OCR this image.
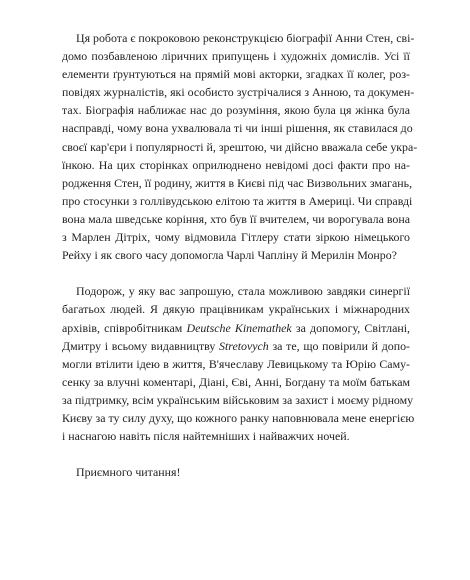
Ця робота є покроковою реконструкцією біографії Анни Стен, сві-
домо позбавленою ліричних припущень і художніх домислів. Усі її
елементи ґрунтуються на прямій мові акторки, згадках її колег, роз-
повідях журналістів, які особисто зустрічалися з Анною, та докумен-
тах. Біографія наближає нас до розуміння, якою була ця жінка була
насправді, чому вона ухвалювала ті чи інші рішення, як ставилася до
своєї кар'єри і популярності й, зрештою, чи дійсно вважала себе укра-
їнкою. На цих сторінках оприлюднено невідомі досі факти про на-
родження Стен, її родину, життя в Києві під час Визвольних змагань,
про стосунки з голлівудською елітою та життя в Америці. Чи справді
вона мала шведське коріння, хто був її вчителем, чи ворогувала вона
з Марлен Дітріх, чому відмовила Гітлеру стати зіркою німецького
Рейху і як свого часу допомогла Чарлі Чапліну й Мерилін Монро?
Подорож, у яку вас запрошую, стала можливою завдяки синергії
багатьох людей. Я дякую працівникам українських і міжнародних
архівів, співробітникам Deutsche Kinemathek за допомогу, Світлані,
Дмитру і всьому видавництву Stretovych за те, що повірили й допо-
могли втілити ідею в життя, В'ячеславу Левицькому та Юрію Саму-
сенку за влучні коментарі, Діані, Єві, Анні, Богдану та моїм батькам
за підтримку, всім українським військовим за захист і моєму рідному
Києву за ту силу духу, що кожного ранку наповнювала мене енергією
і наснагою навіть після найтемніших і найважчих ночей.
Приємного читання!
